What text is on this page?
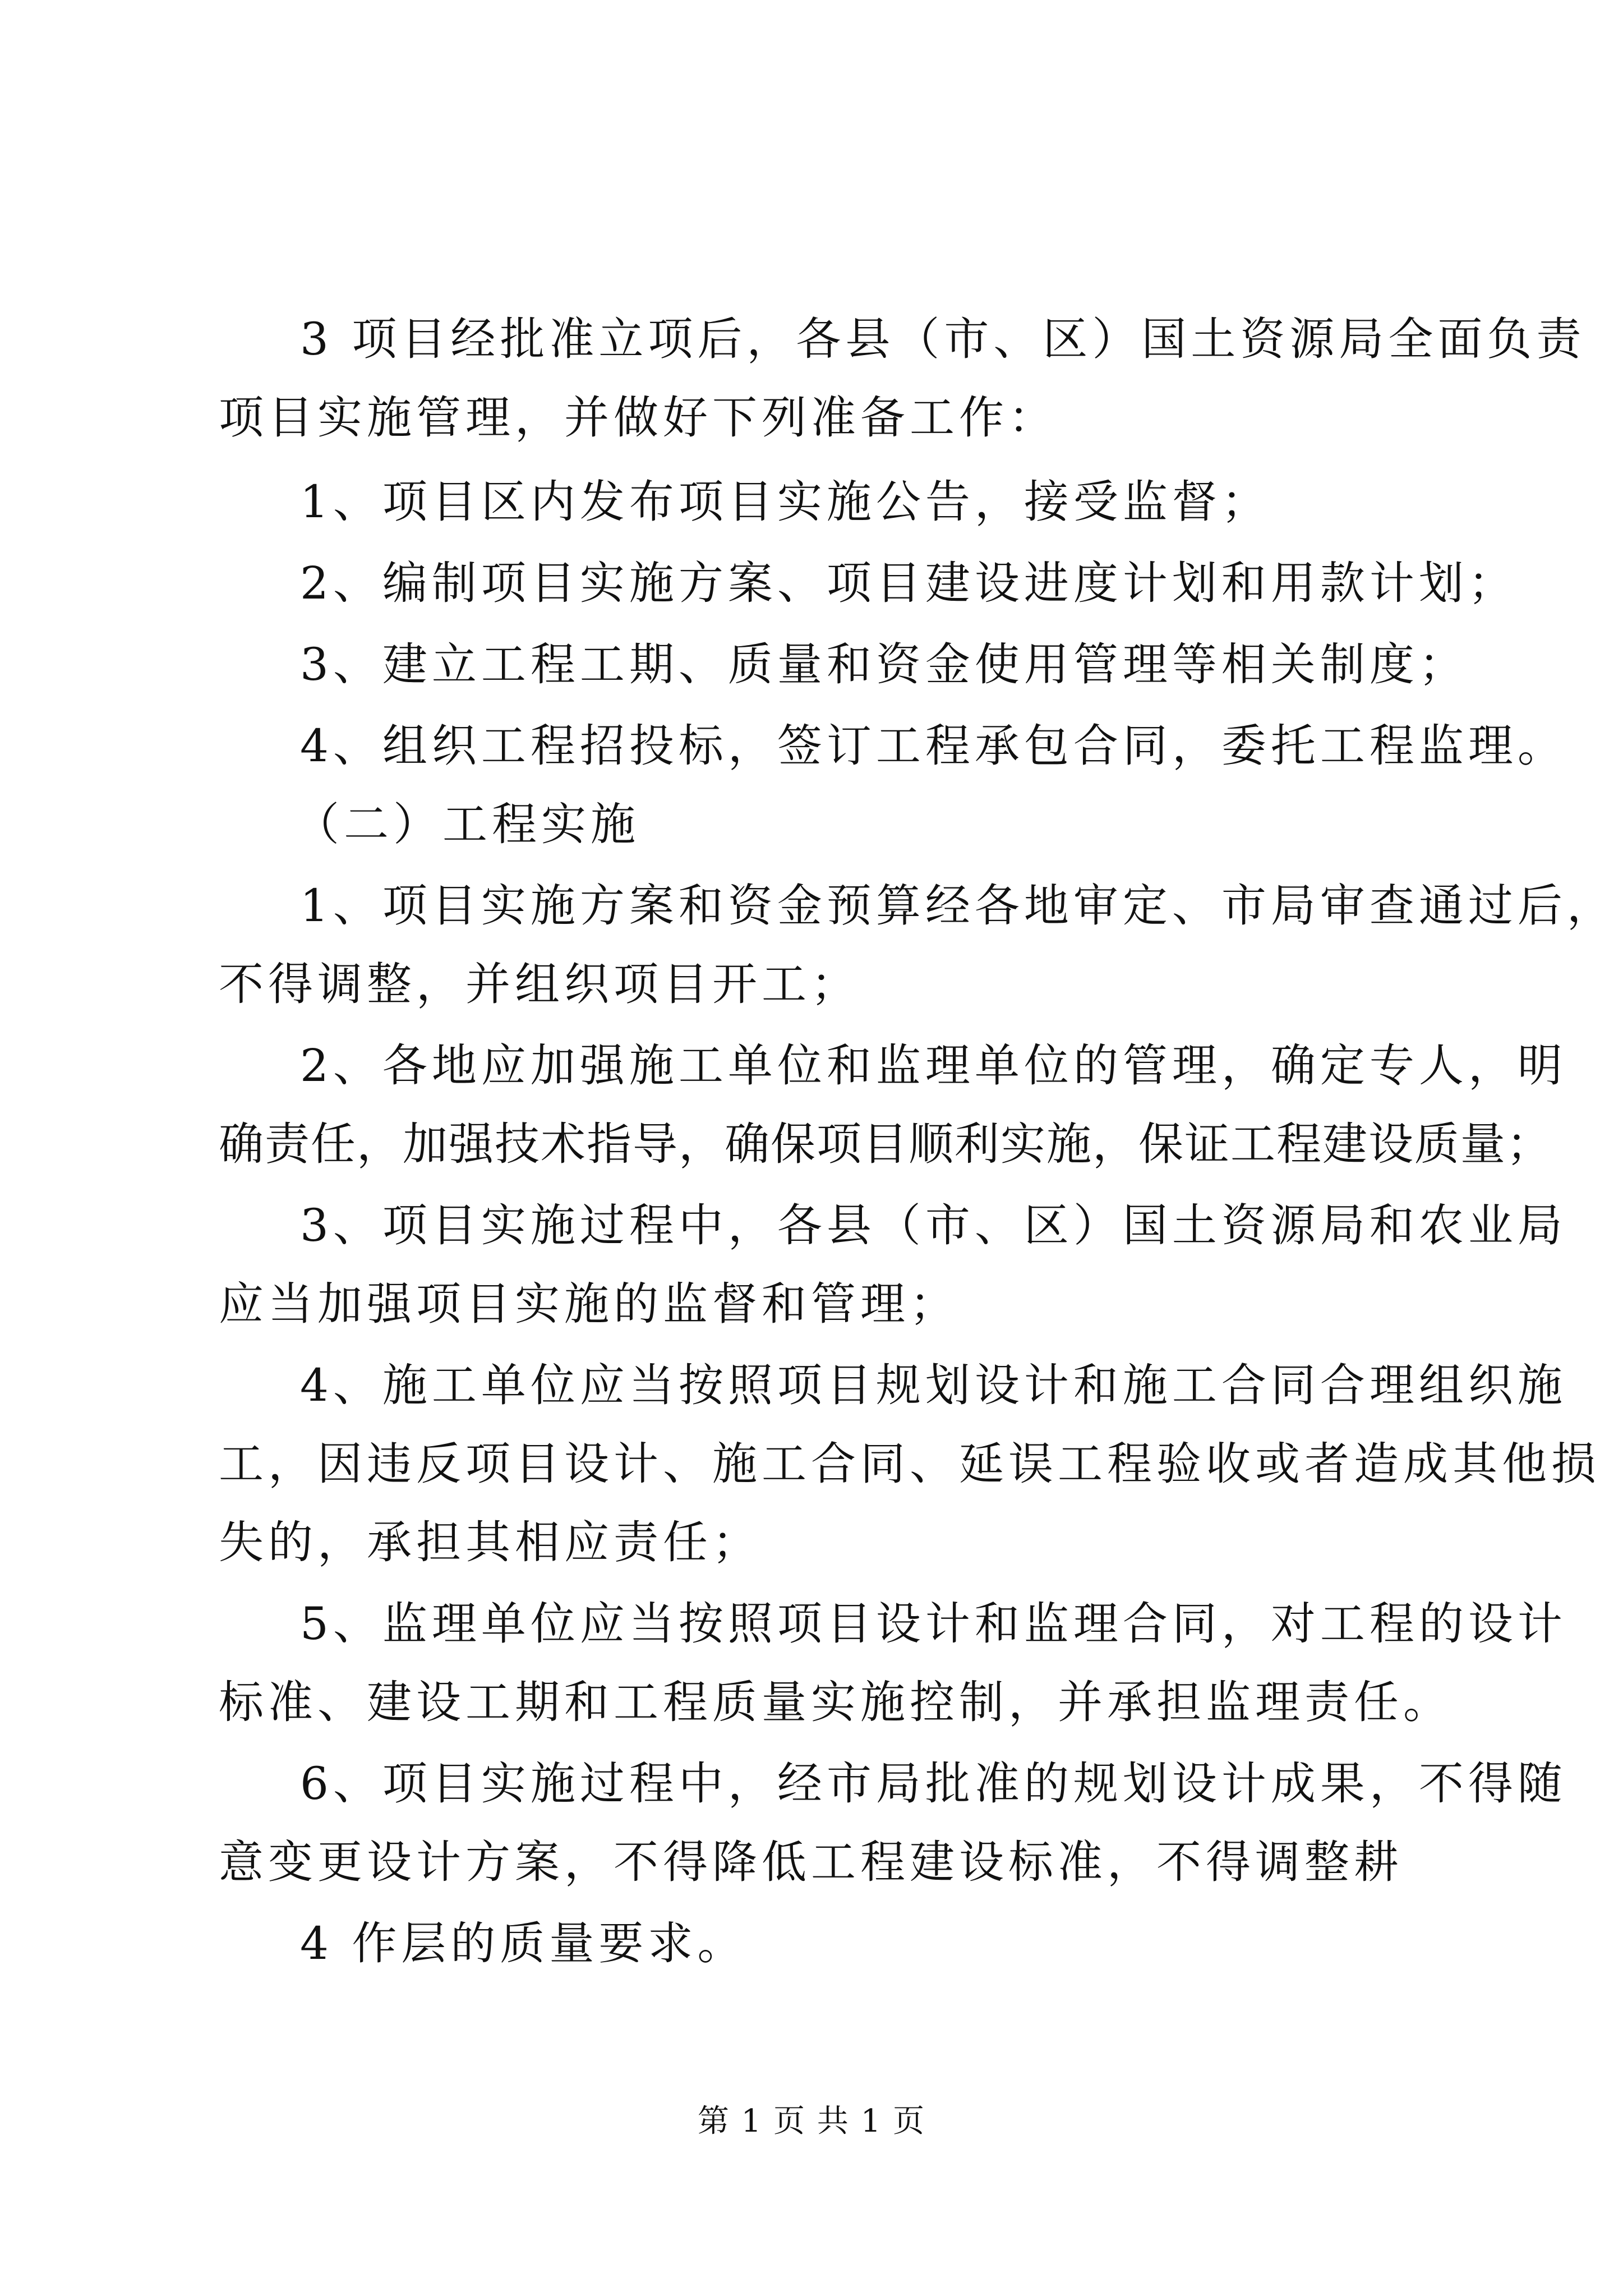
3 项目经批准立项后，各县（市、区）国土资源局全面负责
项目实施管理，并做好下列准备工作：
1、项目区内发布项目实施公告，接受监督；
2、编制项目实施方案、项目建设进度计划和用款计划；
3、建立工程工期、质量和资金使用管理等相关制度；
4、组织工程招投标，签订工程承包合同，委托工程监理。
（二）工程实施
1、项目实施方案和资金预算经各地审定、市局审查通过后，
不得调整，并组织项目开工；
2、各地应加强施工单位和监理单位的管理，确定专人，明
确责任，加强技术指导，确保项目顺利实施，保证工程建设质量；
3、项目实施过程中，各县（市、区）国土资源局和农业局
应当加强项目实施的监督和管理；
4、施工单位应当按照项目规划设计和施工合同合理组织施
工，因违反项目设计、施工合同、延误工程验收或者造成其他损
失的，承担其相应责任；
5、监理单位应当按照项目设计和监理合同，对工程的设计
标准、建设工期和工程质量实施控制，并承担监理责任。
6、项目实施过程中，经市局批准的规划设计成果，不得随
意变更设计方案，不得降低工程建设标准，不得调整耕
4 作层的质量要求。
第 1 页 共 1 页
